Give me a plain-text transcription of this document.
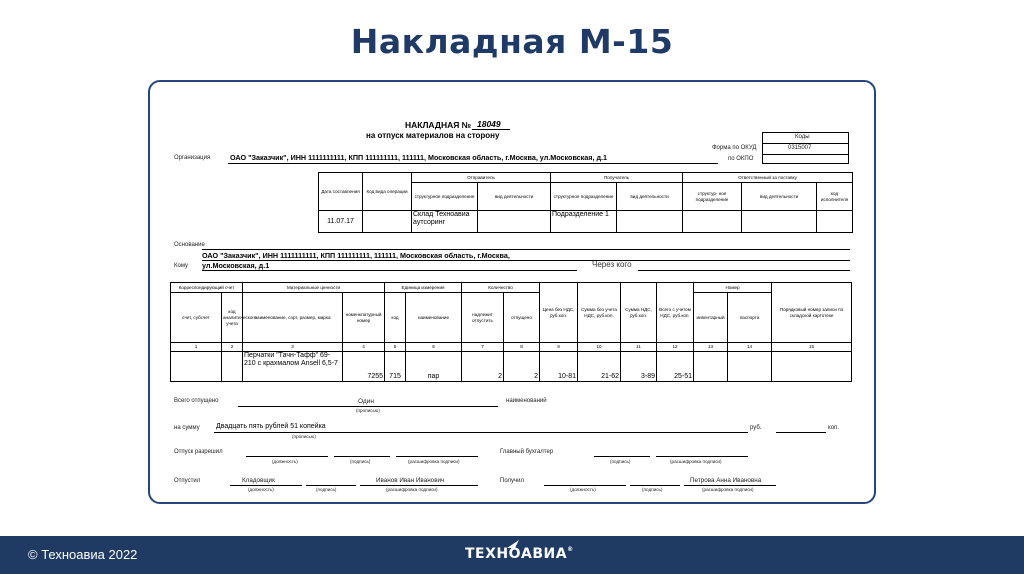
Накладная М-15
НАКЛАДНАЯ № 18049
на отпуск материалов на сторону	Коды
0315007
Форма по ОКУД
по ОКПО
Организация	ОАО "Заказчик", ИНН 1111111111, КПП 111111111, 111111, Московская область, г.Москва, ул.Московская, д.1
Дата составления	Код вида операции	Отправитель		Получатель		Ответственный за поставку		
		структурное подразделение	вид деятельности	структурное подразделение	вид деятельности	структур- ное подразделение	вид деятельности	код исполнителя
11.07.17		Склад Техноавиа аутсоринг		Подразделение 1				
Основание
ОАО "Заказчик", ИНН 1111111111, КПП 111111111, 111111, Московская область, г.Москва,
Кому ул.Московская, д.1	Через кого
Корреспондирующий счет		Материальные ценности		Единица измерения		Количество		Цена без НДС, руб.коп.	Сумма без учета НДС, руб.коп.	Сумма НДС, руб.коп.	Всего с учетом НДС, руб.коп.	Номер		Порядковый номер записи по складской картотеке
счет, субсчет	код аналитического учета	наименование, сорт, размер, марка	номенклатурный номер	код	наименование	надлежит отпустить	отпущено					инвентарный	паспорта	
1	2	3	4	5	6	7	8	9	10	11	12	13	14	15
		Перчатки "Тачн-Тафф" 69-210 с крахмалом Ansell 6,5-7	7255	715	пар	2	2	10-81	21-62	3-89	25-51			
Всего отпущено	Один
(прописью)
наименований
на сумму Двадцать пять рублей 51 копейка
(прописью)
руб.	коп.
Отпуск разрешил
(должность)	(подпись)	(расшифровка подписи)
Главный бухгалтер
(подпись)	(расшифровка подписи)
Отпустил	Кладовщик	Иванов Иван Иванович
(должность)	(подпись)	(расшифровка подписи)
Получил	Петрова Анна Ивановна
(должность)	(подпись)	(расшифровка подписи)
© Техноавиа 2022	ТЕХНОАВИА®
